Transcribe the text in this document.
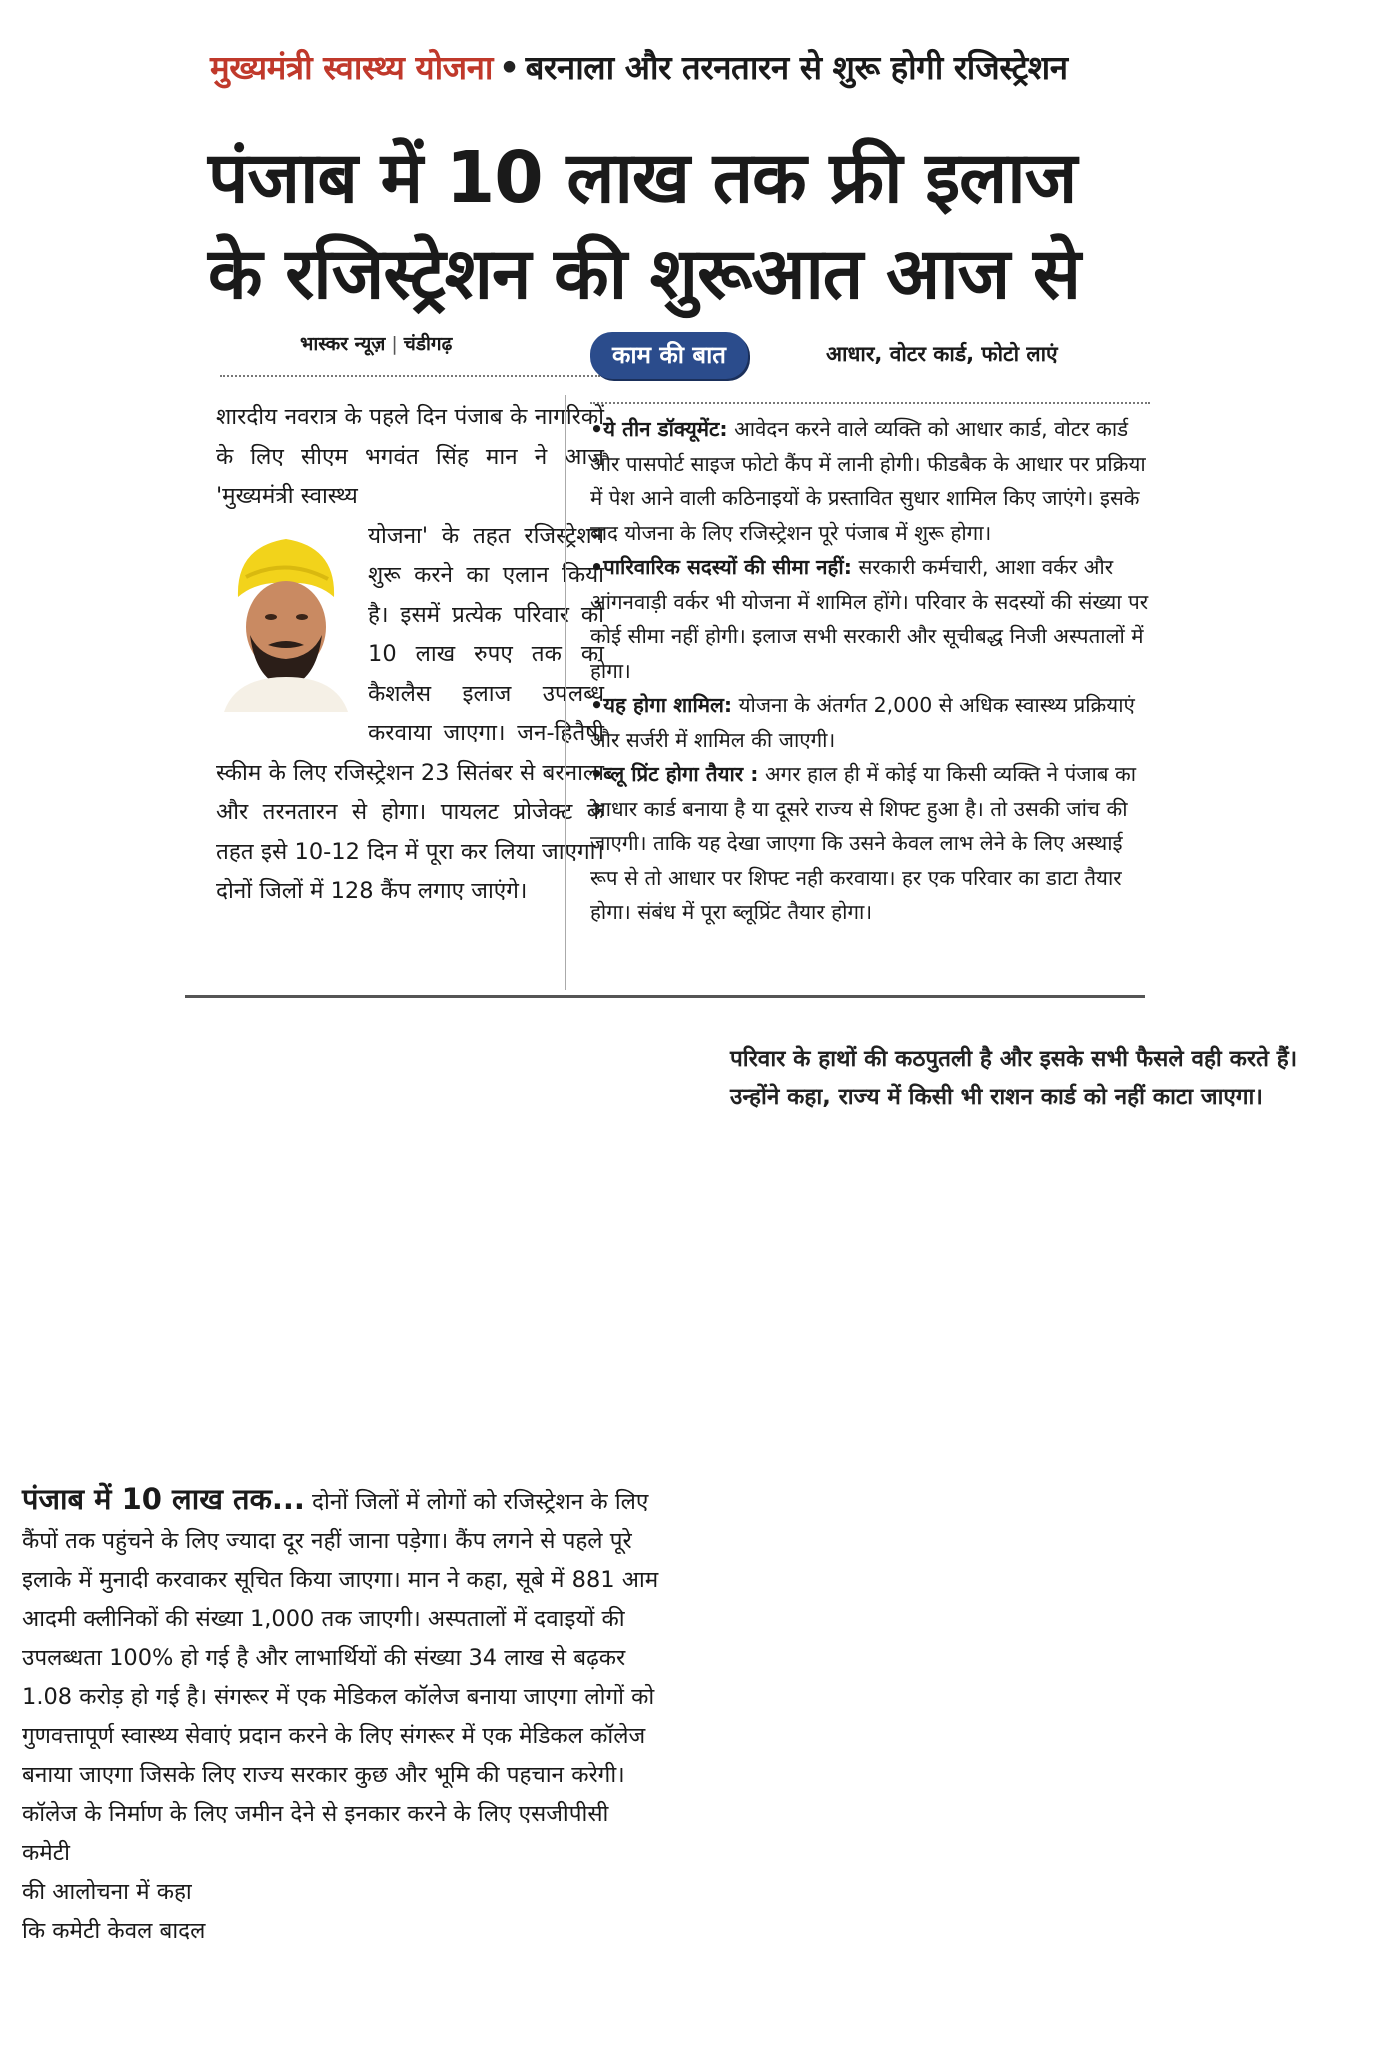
मुख्यमंत्री स्वास्थ्य योजना • बरनाला और तरनतारन से शुरू होगी रजिस्ट्रेशन
पंजाब में 10 लाख तक फ्री इलाज
के रजिस्ट्रेशन की शुरूआत आज से
भास्कर न्यूज़ | चंडीगढ़

शारदीय नवरात्र के पहले दिन पंजाब के नागरिकों के लिए सीएम भगवंत सिंह मान ने आज 'मुख्यमंत्री स्वास्थ्य

योजना' के तहत रजिस्ट्रेशन शुरू करने का एलान किया है। इसमें प्रत्येक परिवार को 10 लाख रुपए तक का कैशलैस इलाज उपलब्ध करवाया जाएगा। जन-हितैषी स्कीम के लिए रजिस्ट्रेशन 23 सितंबर से बरनाला और तरनतारन से होगा। पायलट प्रोजेक्ट के तहत इसे 10-12 दिन में पूरा कर लिया जाएगा। दोनों जिलों में 128 कैंप लगाए जाएंगे।

काम की बात	आधार, वोटर कार्ड, फोटो लाएं

•ये तीन डॉक्यूमेंट: आवेदन करने वाले व्यक्ति को आधार कार्ड, वोटर कार्ड और पासपोर्ट साइज फोटो कैंप में लानी होगी। फीडबैक के आधार पर प्रक्रिया में पेश आने वाली कठिनाइयों के प्रस्तावित सुधार शामिल किए जाएंगे। इसके बाद योजना के लिए रजिस्ट्रेशन पूरे पंजाब में शुरू होगा।

•पारिवारिक सदस्यों की सीमा नहीं: सरकारी कर्मचारी, आशा वर्कर और आंगनवाड़ी वर्कर भी योजना में शामिल होंगे। परिवार के सदस्यों की संख्या पर कोई सीमा नहीं होगी। इलाज सभी सरकारी और सूचीबद्ध निजी अस्पतालों में होगा।

•यह होगा शामिल: योजना के अंतर्गत 2,000 से अधिक स्वास्थ्य प्रक्रियाएं और सर्जरी में शामिल की जाएगी।

•ब्लू प्रिंट होगा तैयार : अगर हाल ही में कोई या किसी व्यक्ति ने पंजाब का आधार कार्ड बनाया है या दूसरे राज्य से शिफ्ट हुआ है। तो उसकी जांच की जाएगी। ताकि यह देखा जाएगा कि उसने केवल लाभ लेने के लिए अस्थाई रूप से तो आधार पर शिफ्ट नही करवाया। हर एक परिवार का डाटा तैयार होगा। संबंध में पूरा ब्लूप्रिंट तैयार होगा।

परिवार के हाथों की कठपुतली है और इसके सभी फैसले वही करते हैं। उन्होंने कहा, राज्य में किसी भी राशन कार्ड को नहीं काटा जाएगा।

पंजाब में 10 लाख तक... दोनों जिलों में लोगों को रजिस्ट्रेशन के लिए कैंपों तक पहुंचने के लिए ज्यादा दूर नहीं जाना पड़ेगा। कैंप लगने से पहले पूरे इलाके में मुनादी करवाकर सूचित किया जाएगा। मान ने कहा, सूबे में 881 आम आदमी क्लीनिकों की संख्या 1,000 तक जाएगी। अस्पतालों में दवाइयों की उपलब्धता 100% हो गई है और लाभार्थियों की संख्या 34 लाख से बढ़कर 1.08 करोड़ हो गई है। संगरूर में एक मेडिकल कॉलेज बनाया जाएगा लोगों को गुणवत्तापूर्ण स्वास्थ्य सेवाएं प्रदान करने के लिए संगरूर में एक मेडिकल कॉलेज बनाया जाएगा जिसके लिए राज्य सरकार कुछ और भूमि की पहचान करेगी। कॉलेज के निर्माण के लिए जमीन देने से इनकार करने के लिए एसजीपीसी कमेटी

की आलोचना में कहा

कि कमेटी केवल बादल
